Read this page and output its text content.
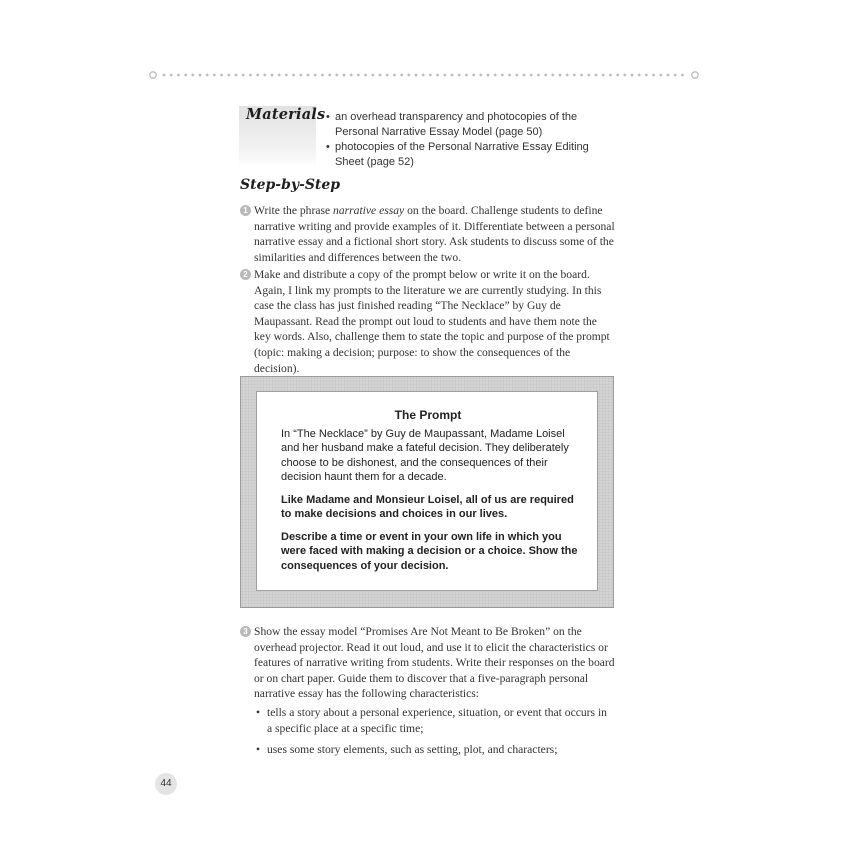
Materials
• an overhead transparency and photocopies of the Personal Narrative Essay Model (page 50)
• photocopies of the Personal Narrative Essay Editing Sheet (page 52)
Step-by-Step
1 Write the phrase narrative essay on the board. Challenge students to define narrative writing and provide examples of it. Differentiate between a personal narrative essay and a fictional short story. Ask students to discuss some of the similarities and differences between the two.
2 Make and distribute a copy of the prompt below or write it on the board. Again, I link my prompts to the literature we are currently studying. In this case the class has just finished reading “The Necklace” by Guy de Maupassant. Read the prompt out loud to students and have them note the key words. Also, challenge them to state the topic and purpose of the prompt (topic: making a decision; purpose: to show the consequences of the decision).
The Prompt

In “The Necklace” by Guy de Maupassant, Madame Loisel and her husband make a fateful decision. They deliberately choose to be dishonest, and the consequences of their decision haunt them for a decade.

Like Madame and Monsieur Loisel, all of us are required to make decisions and choices in our lives.

Describe a time or event in your own life in which you were faced with making a decision or a choice. Show the consequences of your decision.

3 Show the essay model “Promises Are Not Meant to Be Broken” on the overhead projector. Read it out loud, and use it to elicit the characteristics or features of narrative writing from students. Write their responses on the board or on chart paper. Guide them to discover that a five-paragraph personal narrative essay has the following characteristics:
• tells a story about a personal experience, situation, or event that occurs in a specific place at a specific time;
• uses some story elements, such as setting, plot, and characters;
44
